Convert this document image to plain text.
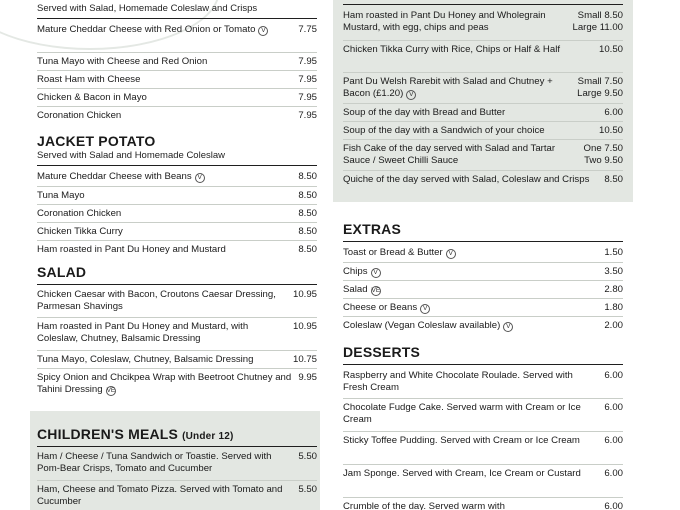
Served with Salad, Homemade Coleslaw and Crisps
Mature Cheddar Cheese with Red Onion or Tomato V	7.75
Tuna Mayo with Cheese and Red Onion	7.95
Roast Ham with Cheese	7.95
Chicken & Bacon in Mayo	7.95
Coronation Chicken	7.95
JACKET POTATO
Served with Salad and Homemade Coleslaw
Mature Cheddar Cheese with Beans V	8.50
Tuna Mayo	8.50
Coronation Chicken	8.50
Chicken Tikka Curry	8.50
Ham roasted in Pant Du Honey and Mustard	8.50
SALAD
Chicken Caesar with Bacon, Croutons Caesar Dressing, Parmesan Shavings
10.95
Ham roasted in Pant Du Honey and Mustard, with Coleslaw, Chutney, Balsamic Dressing
10.95
Tuna Mayo, Coleslaw, Chutney, Balsamic Dressing	10.75
Spicy Onion and Chcikpea Wrap with Beetroot Chutney and Tahini Dressing VE
9.95
CHILDREN'S MEALS (Under 12)
Ham / Cheese / Tuna Sandwich or Toastie. Served with Pom-Bear Crisps, Tomato and Cucumber
5.50
Ham, Cheese and Tomato Pizza. Served with Tomato and Cucumber
5.50
Ham roasted in Pant Du Honey and Wholegrain Mustard, with egg, chips and peas
Small 8.50
Large 11.00
Chicken Tikka Curry with Rice, Chips or Half & Half	10.50
Pant Du Welsh Rarebit with Salad and Chutney + Bacon (£1.20) V
Small 7.50
Large 9.50
Soup of the day with Bread and Butter	6.00
Soup of the day with a Sandwich of your choice	10.50
Fish Cake of the day served with Salad and Tartar Sauce / Sweet Chilli Sauce
One 7.50
Two 9.50
Quiche of the day served with Salad, Coleslaw and Crisps	8.50
EXTRAS
Toast or Bread & Butter V	1.50
Chips V	3.50
Salad VE	2.80
Cheese or Beans V	1.80
Coleslaw (Vegan Coleslaw available) V	2.00
DESSERTS
Raspberry and White Chocolate Roulade. Served with Fresh Cream
6.00
Chocolate Fudge Cake. Served warm with Cream or Ice Cream
6.00
Sticky Toffee Pudding. Served with Cream or Ice Cream	6.00
Jam Sponge. Served with Cream, Ice Cream or Custard	6.00
Crumble of the day. Served warm with	6.00
